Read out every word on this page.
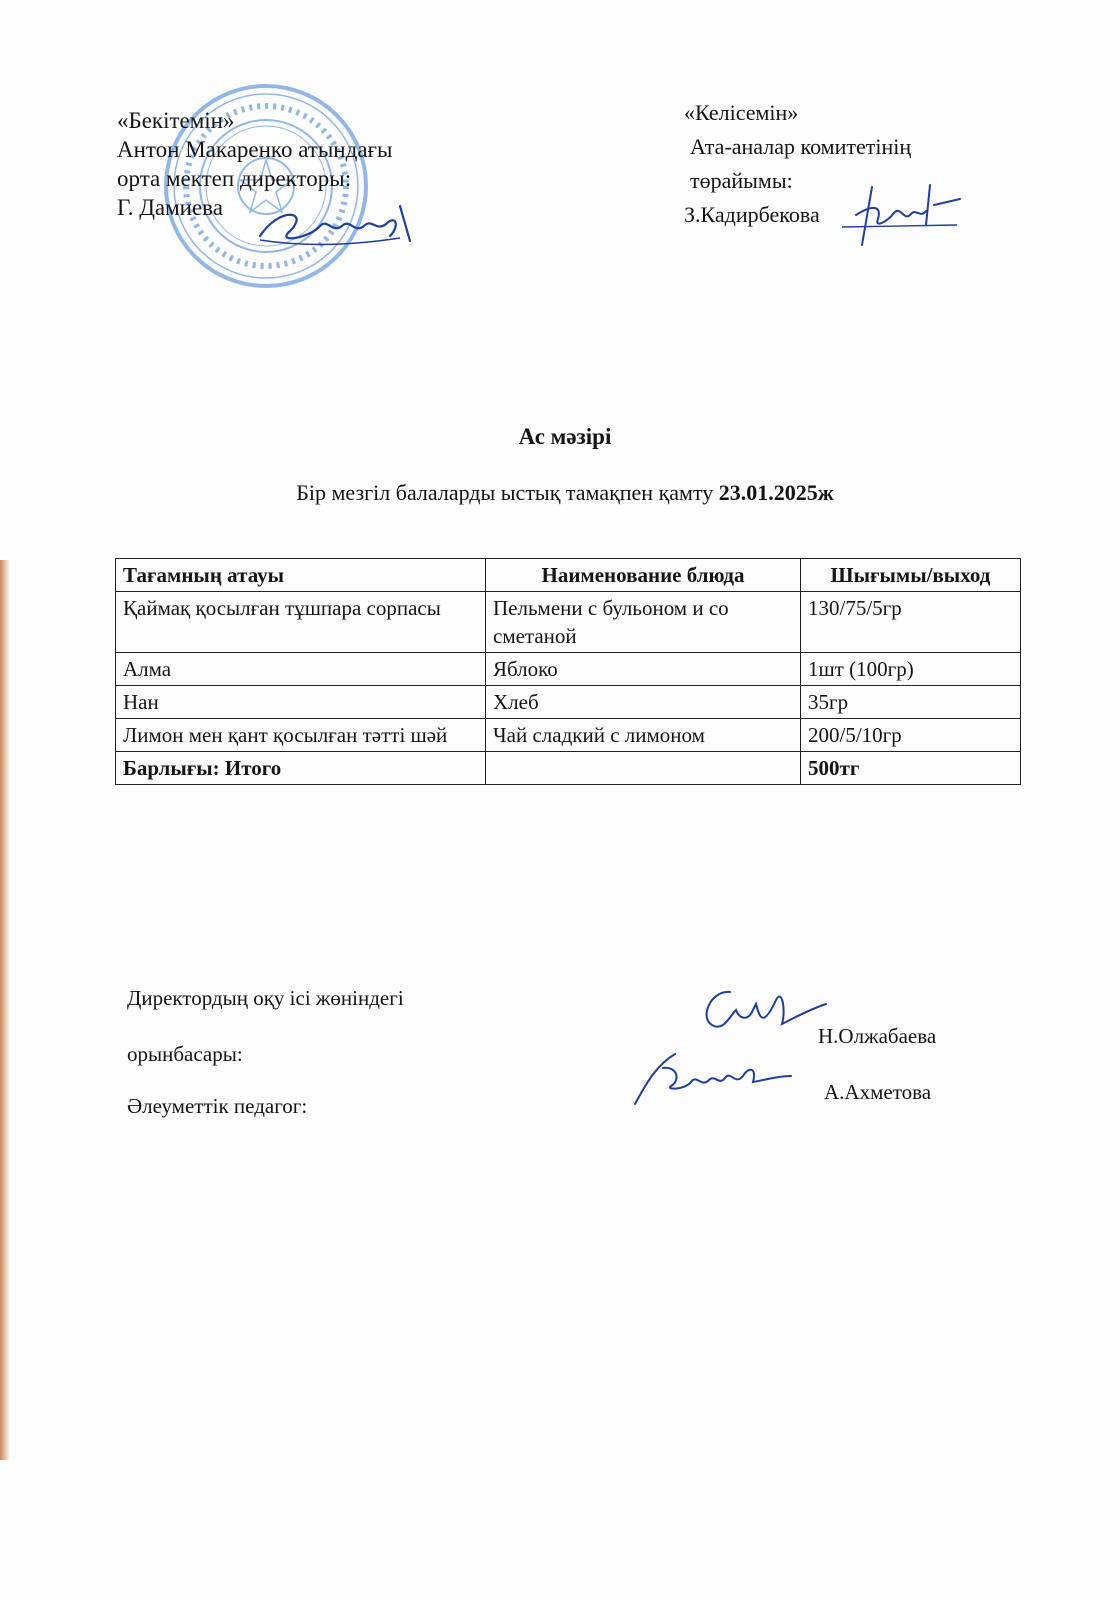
«Бекітемін»
Антон Макаренко атындағы
орта мектеп директоры:
Г. Дамиева
«Келісемін»
Ата-аналар комитетінің
төрайымы:
З.Кадирбекова
Ас мәзірі
Бір мезгіл балаларды ыстық тамақпен қамту 23.01.2025ж
Тағамның атауы	Наименование блюда	Шығымы/выход
Қаймақ қосылған тұшпара сорпасы	Пельмени с бульоном и со сметаной	130/75/5гр
Алма	Яблоко	1шт (100гр)
Нан	Хлеб	35гр
Лимон мен қант қосылған тәтті шәй	Чай сладкий с лимоном	200/5/10гр
Барлығы: Итого		500тг
Директордың оқу ісі жөніндегі
орынбасары:
Әлеуметтік педагог:
Н.Олжабаева
А.Ахметова
